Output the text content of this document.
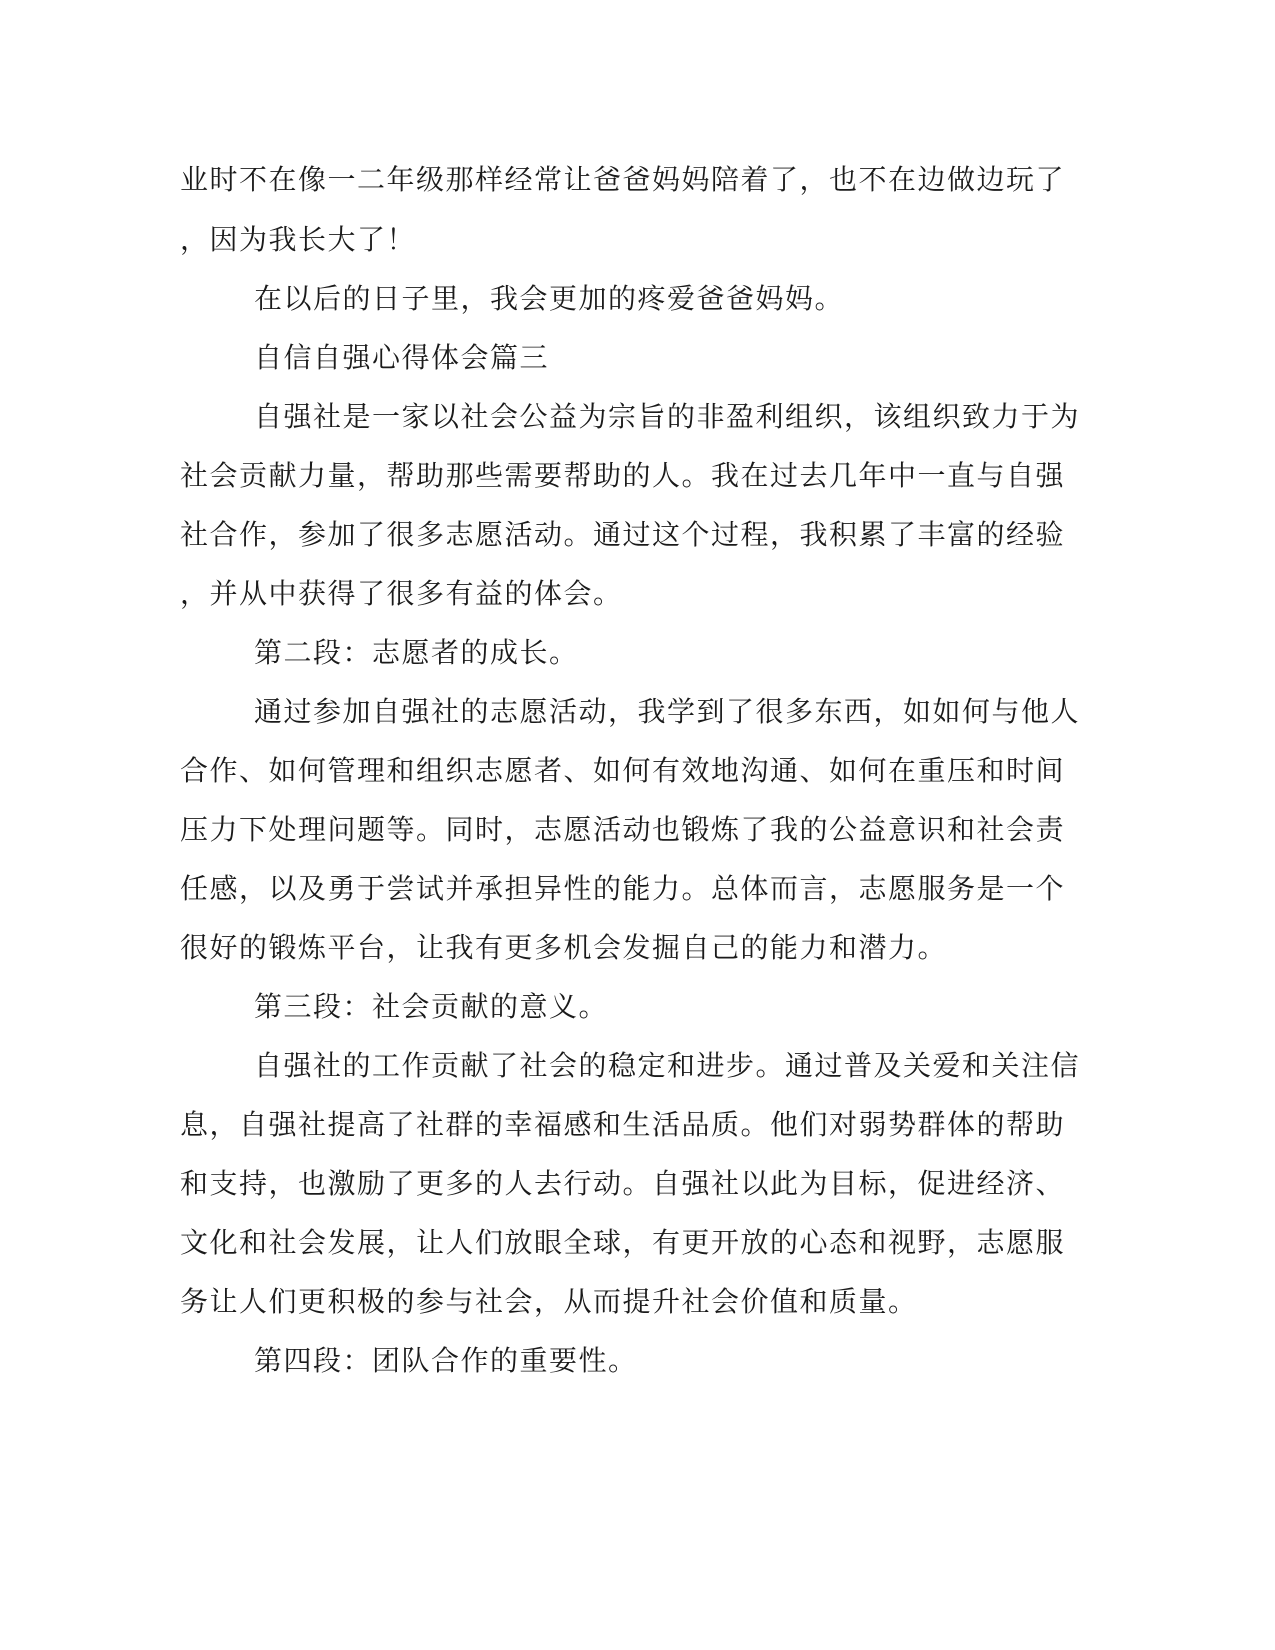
业时不在像一二年级那样经常让爸爸妈妈陪着了，也不在边做边玩了
，因为我长大了！
在以后的日子里，我会更加的疼爱爸爸妈妈。
自信自强心得体会篇三
自强社是一家以社会公益为宗旨的非盈利组织，该组织致力于为
社会贡献力量，帮助那些需要帮助的人。我在过去几年中一直与自强
社合作，参加了很多志愿活动。通过这个过程，我积累了丰富的经验
，并从中获得了很多有益的体会。
第二段：志愿者的成长。
通过参加自强社的志愿活动，我学到了很多东西，如如何与他人
合作、如何管理和组织志愿者、如何有效地沟通、如何在重压和时间
压力下处理问题等。同时，志愿活动也锻炼了我的公益意识和社会责
任感，以及勇于尝试并承担异性的能力。总体而言，志愿服务是一个
很好的锻炼平台，让我有更多机会发掘自己的能力和潜力。
第三段：社会贡献的意义。
自强社的工作贡献了社会的稳定和进步。通过普及关爱和关注信
息，自强社提高了社群的幸福感和生活品质。他们对弱势群体的帮助
和支持，也激励了更多的人去行动。自强社以此为目标，促进经济、
文化和社会发展，让人们放眼全球，有更开放的心态和视野，志愿服
务让人们更积极的参与社会，从而提升社会价值和质量。
第四段：团队合作的重要性。
